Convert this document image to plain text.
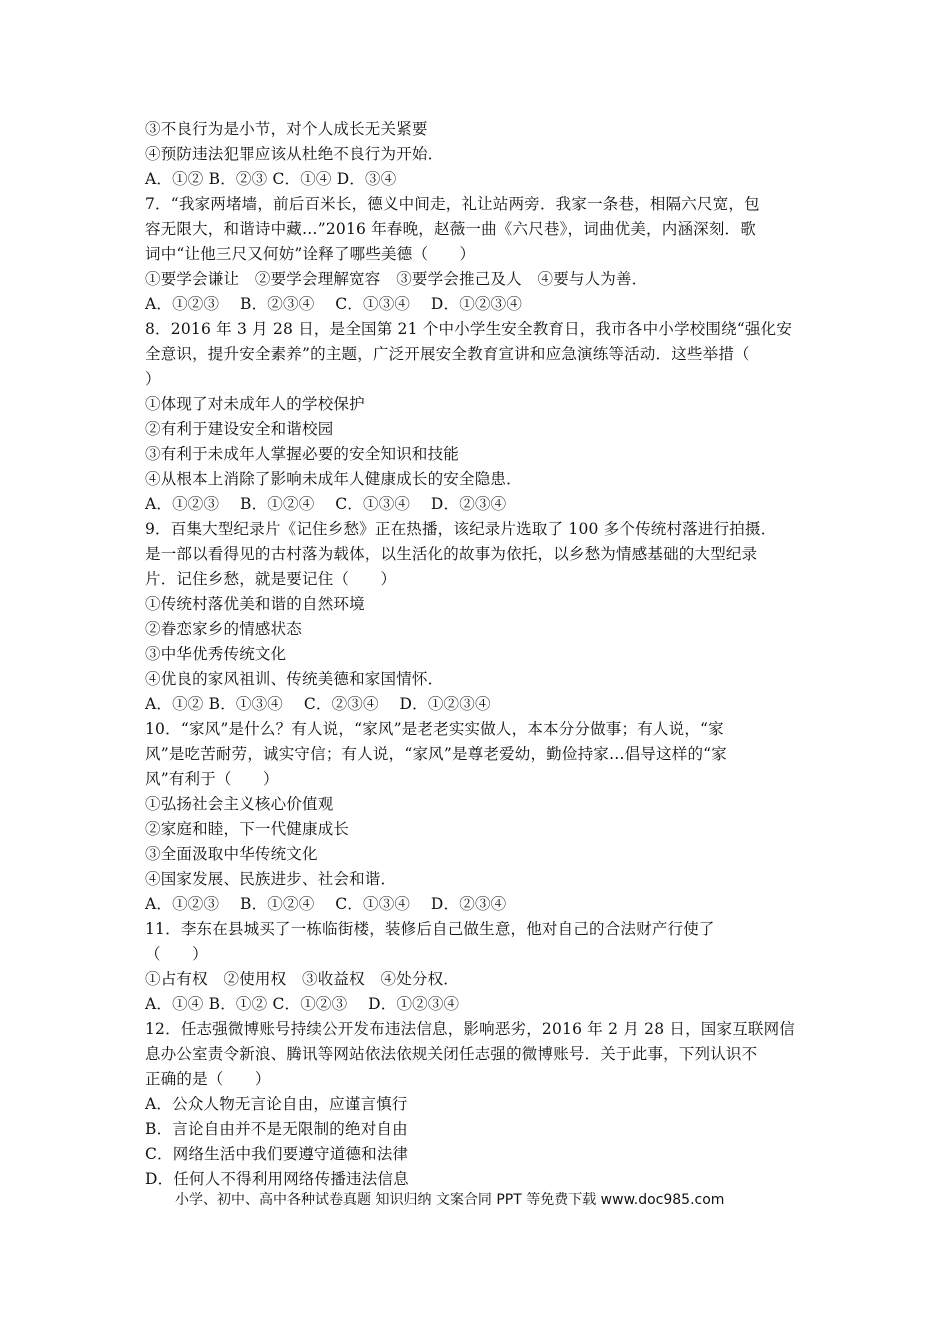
③不良行为是小节，对个人成长无关紧要
④预防违法犯罪应该从杜绝不良行为开始．
A．①② B．②③ C．①④ D．③④
7．“我家两堵墙，前后百米长，德义中间走，礼让站两旁．我家一条巷，相隔六尺宽，包
容无限大，和谐诗中藏…”2016 年春晚，赵薇一曲《六尺巷》，词曲优美，内涵深刻．歌
词中“让他三尺又何妨”诠释了哪些美德（　　）
①要学会谦让　②要学会理解宽容　③要学会推己及人　④要与人为善．
A．①②③　 B．②③④　 C．①③④　 D．①②③④
8．2016 年 3 月 28 日，是全国第 21 个中小学生安全教育日，我市各中小学校围绕“强化安
全意识，提升安全素养”的主题，广泛开展安全教育宣讲和应急演练等活动．这些举措（
）
①体现了对未成年人的学校保护
②有利于建设安全和谐校园
③有利于未成年人掌握必要的安全知识和技能
④从根本上消除了影响未成年人健康成长的安全隐患．
A．①②③　 B．①②④　 C．①③④　 D．②③④
9．百集大型纪录片《记住乡愁》正在热播，该纪录片选取了 100 多个传统村落进行拍摄．
是一部以看得见的古村落为载体，以生活化的故事为依托，以乡愁为情感基础的大型纪录
片．记住乡愁，就是要记住（　　）
①传统村落优美和谐的自然环境
②眷恋家乡的情感状态
③中华优秀传统文化
④优良的家风祖训、传统美德和家国情怀．
A．①② B．①③④　 C．②③④　 D．①②③④
10．“家风”是什么？有人说，“家风”是老老实实做人，本本分分做事；有人说，“家
风”是吃苦耐劳，诚实守信；有人说，“家风”是尊老爱幼，勤俭持家…倡导这样的“家
风”有利于（　　）
①弘扬社会主义核心价值观
②家庭和睦，下一代健康成长
③全面汲取中华传统文化
④国家发展、民族进步、社会和谐．
A．①②③　 B．①②④　 C．①③④　 D．②③④
11．李东在县城买了一栋临街楼，装修后自己做生意，他对自己的合法财产行使了
（　　）
①占有权　②使用权　③收益权　④处分权．
A．①④ B．①② C．①②③　 D．①②③④
12．任志强微博账号持续公开发布违法信息，影响恶劣，2016 年 2 月 28 日，国家互联网信
息办公室责令新浪、腾讯等网站依法依规关闭任志强的微博账号．关于此事，下列认识不
正确的是（　　）
A．公众人物无言论自由，应谨言慎行
B．言论自由并不是无限制的绝对自由
C．网络生活中我们要遵守道德和法律
D．任何人不得利用网络传播违法信息
小学、初中、高中各种试卷真题 知识归纳 文案合同 PPT 等免费下载 www.doc985.com
